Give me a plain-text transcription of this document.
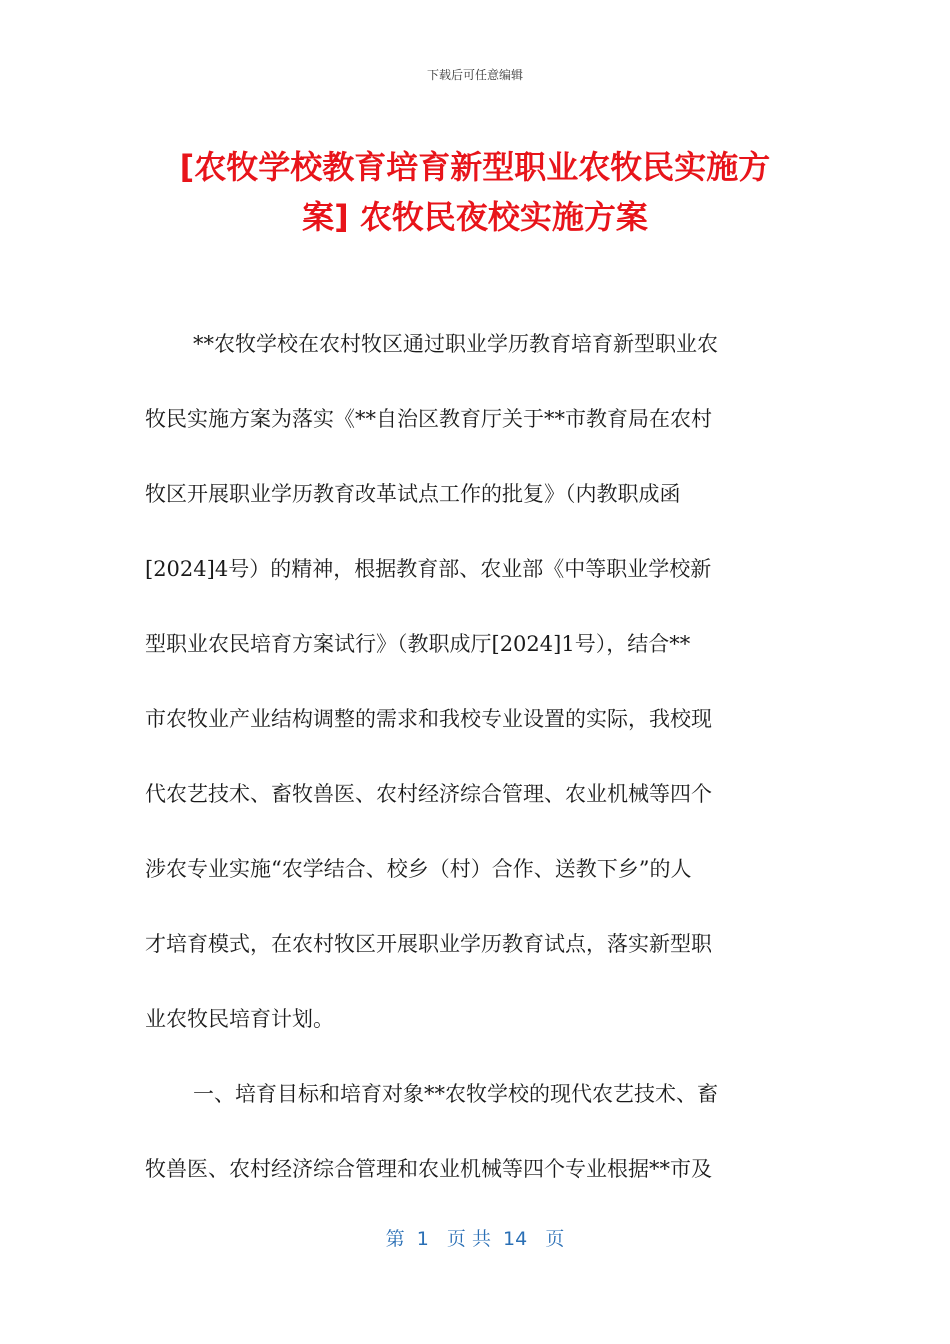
下载后可任意编辑
[农牧学校教育培育新型职业农牧民实施方
案] 农牧民夜校实施方案
**农牧学校在农村牧区通过职业学历教育培育新型职业农
牧民实施方案为落实《**自治区教育厅关于**市教育局在农村
牧区开展职业学历教育改革试点工作的批复》（内教职成函
[2024]4号）的精神，根据教育部、农业部《中等职业学校新
型职业农民培育方案试行》（教职成厅[2024]1号），结合**
市农牧业产业结构调整的需求和我校专业设置的实际，我校现
代农艺技术、畜牧兽医、农村经济综合管理、农业机械等四个
涉农专业实施“农学结合、校乡（村）合作、送教下乡”的人
才培育模式，在农村牧区开展职业学历教育试点，落实新型职
业农牧民培育计划。
一、培育目标和培育对象**农牧学校的现代农艺技术、畜
牧兽医、农村经济综合管理和农业机械等四个专业根据**市及
第  1   页 共  14   页
